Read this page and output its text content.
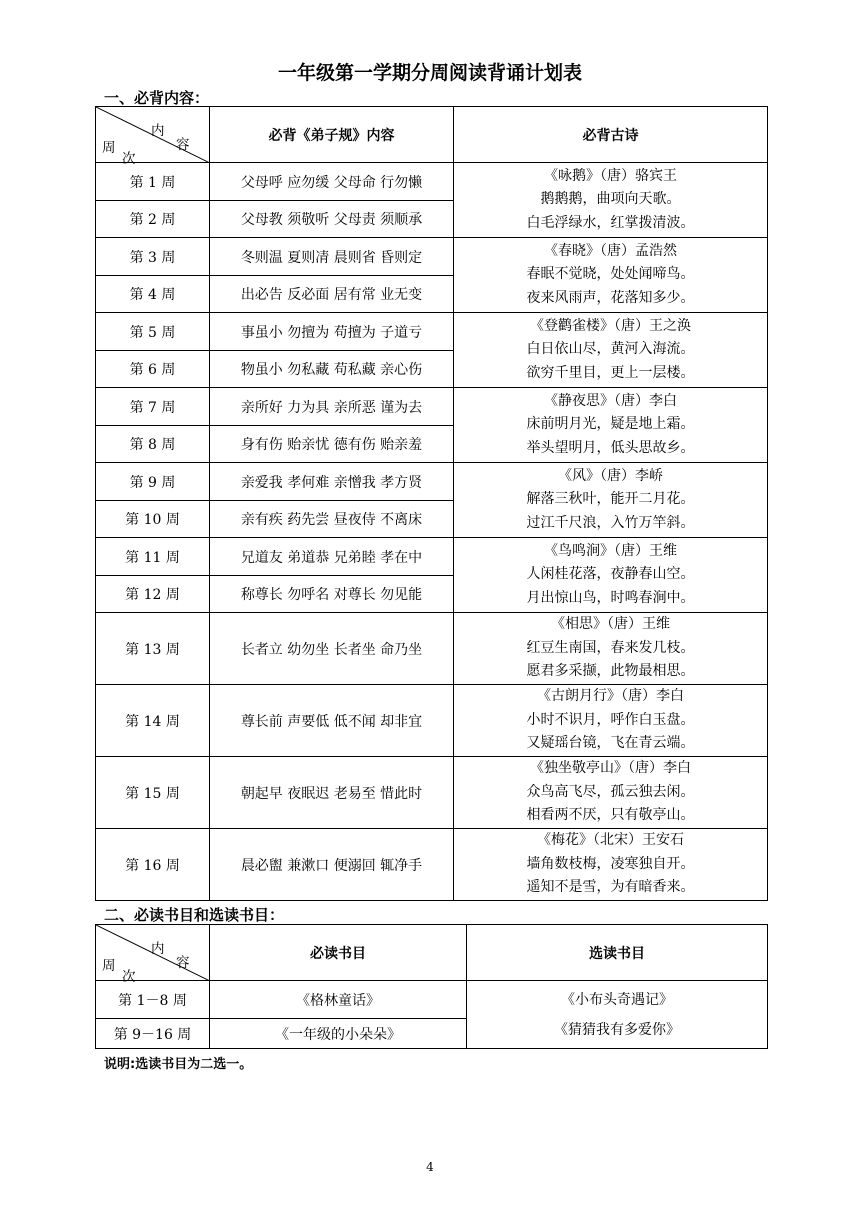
一年级第一学期分周阅读背诵计划表
一、必背内容：
内
容
周
次	必背《弟子规》内容	必背古诗
第 1 周	父母呼 应勿缓 父母命 行勿懒	《咏鹅》（唐）骆宾王
鹅鹅鹅，曲项向天歌。
白毛浮绿水，红掌拨清波。

第 2 周	父母教 须敬听 父母责 须顺承	
第 3 周	冬则温 夏则凊 晨则省 昏则定	《春晓》（唐）孟浩然
春眠不觉晓，处处闻啼鸟。
夜来风雨声，花落知多少。

第 4 周	出必告 反必面 居有常 业无变	
第 5 周	事虽小 勿擅为 苟擅为 子道亏	《登鹳雀楼》（唐）王之涣
白日依山尽，黄河入海流。
欲穷千里目，更上一层楼。

第 6 周	物虽小 勿私藏 苟私藏 亲心伤	
第 7 周	亲所好 力为具 亲所恶 谨为去	《静夜思》（唐）李白
床前明月光，疑是地上霜。
举头望明月，低头思故乡。

第 8 周	身有伤 贻亲忧 德有伤 贻亲羞	
第 9 周	亲爱我 孝何难 亲憎我 孝方贤	《风》（唐）李峤
解落三秋叶，能开二月花。
过江千尺浪，入竹万竿斜。

第 10 周	亲有疾 药先尝 昼夜侍 不离床	
第 11 周	兄道友 弟道恭 兄弟睦 孝在中	《鸟鸣涧》（唐）王维
人闲桂花落，夜静春山空。
月出惊山鸟，时鸣春涧中。

第 12 周	称尊长 勿呼名 对尊长 勿见能	
第 13 周	长者立 幼勿坐 长者坐 命乃坐	《相思》（唐）王维
红豆生南国，春来发几枝。
愿君多采撷，此物最相思。

第 14 周	尊长前 声要低 低不闻 却非宜	《古朗月行》（唐）李白
小时不识月，呼作白玉盘。
又疑瑶台镜，飞在青云端。

第 15 周	朝起早 夜眠迟 老易至 惜此时	《独坐敬亭山》（唐）李白
众鸟高飞尽，孤云独去闲。
相看两不厌，只有敬亭山。

第 16 周	晨必盥 兼漱口 便溺回 辄净手	《梅花》（北宋）王安石
墙角数枝梅，凌寒独自开。
遥知不是雪，为有暗香来。
二、必读书目和选读书目：
内
容
周
次	必读书目	选读书目
第 1－8 周	《格林童话》	《小布头奇遇记》
《猜猜我有多爱你》

第 9－16 周	《一年级的小朵朵》	
说明:选读书目为二选一。
4
